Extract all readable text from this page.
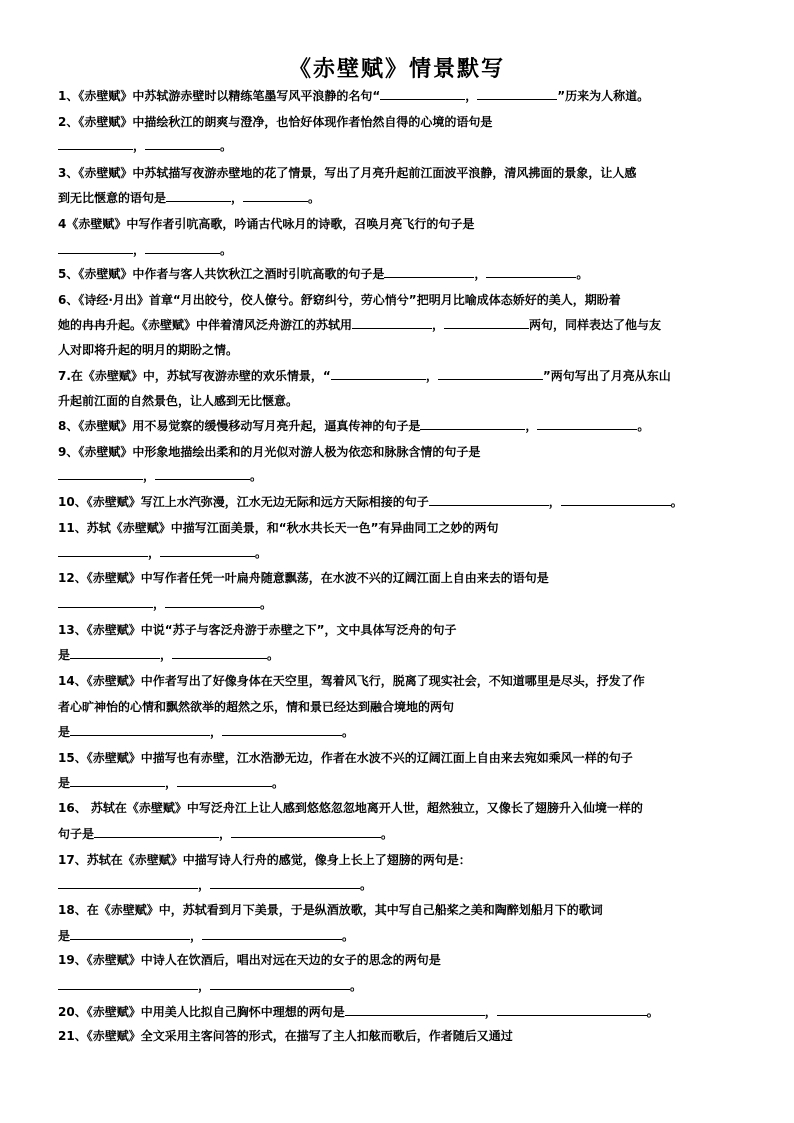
《赤壁赋》情景默写
1、《赤壁赋》中苏轼游赤壁时以精练笔墨写风平浪静的名句“	，	”历来为人称道。
2、《赤壁赋》中描绘秋江的朗爽与澄净，也恰好体现作者怡然自得的心境的语句是
，	。
3、《赤壁赋》中苏轼描写夜游赤壁地的花了情景，写出了月亮升起前江面波平浪静，清风拂面的景象，让人感
到无比惬意的语句是	，	。
4《赤壁赋》中写作者引吭高歌，吟诵古代咏月的诗歌，召唤月亮飞行的句子是
，	。
5、《赤壁赋》中作者与客人共饮秋江之酒时引吭高歌的句子是	，	。
6、《诗经·月出》首章“月出皎兮，佼人僚兮。舒窈纠兮，劳心悄兮”把明月比喻成体态娇好的美人，期盼着
她的冉冉升起。《赤壁赋》中伴着清风泛舟游江的苏轼用	，	两句，同样表达了他与友
人对即将升起的明月的期盼之情。
7.在《赤壁赋》中，苏轼写夜游赤壁的欢乐情景，“	，	”两句写出了月亮从东山
升起前江面的自然景色，让人感到无比惬意。
8、《赤壁赋》用不易觉察的缓慢移动写月亮升起，逼真传神的句子是	，	。
9、《赤壁赋》中形象地描绘出柔和的月光似对游人极为依恋和脉脉含情的句子是
，	。
10、《赤壁赋》写江上水汽弥漫，江水无边无际和远方天际相接的句子	，	。
11、苏轼《赤壁赋》中描写江面美景，和“秋水共长天一色”有异曲同工之妙的两句
，	。
12、《赤壁赋》中写作者任凭一叶扁舟随意飘荡，在水波不兴的辽阔江面上自由来去的语句是
，	。
13、《赤壁赋》中说“苏子与客泛舟游于赤壁之下”，文中具体写泛舟的句子
是	，	。
14、《赤壁赋》中作者写出了好像身体在天空里，驾着风飞行，脱离了现实社会，不知道哪里是尽头，抒发了作
者心旷神怡的心情和飘然欲举的超然之乐，情和景已经达到融合境地的两句
是	，	。
15、《赤壁赋》中描写也有赤壁，江水浩渺无边，作者在水波不兴的辽阔江面上自由来去宛如乘风一样的句子
是	，	。
16、 苏轼在《赤壁赋》中写泛舟江上让人感到悠悠忽忽地离开人世，超然独立，又像长了翅膀升入仙境一样的
句子是	，	。
17、苏轼在《赤壁赋》中描写诗人行舟的感觉，像身上长上了翅膀的两句是：
，	。
18、在《赤壁赋》中，苏轼看到月下美景，于是纵酒放歌，其中写自己船桨之美和陶醉划船月下的歌词
是	，	。
19、《赤壁赋》中诗人在饮酒后，唱出对远在天边的女子的思念的两句是
，	。
20、《赤壁赋》中用美人比拟自己胸怀中理想的两句是	，	。
21、《赤壁赋》全文采用主客问答的形式，在描写了主人扣舷而歌后，作者随后又通过
